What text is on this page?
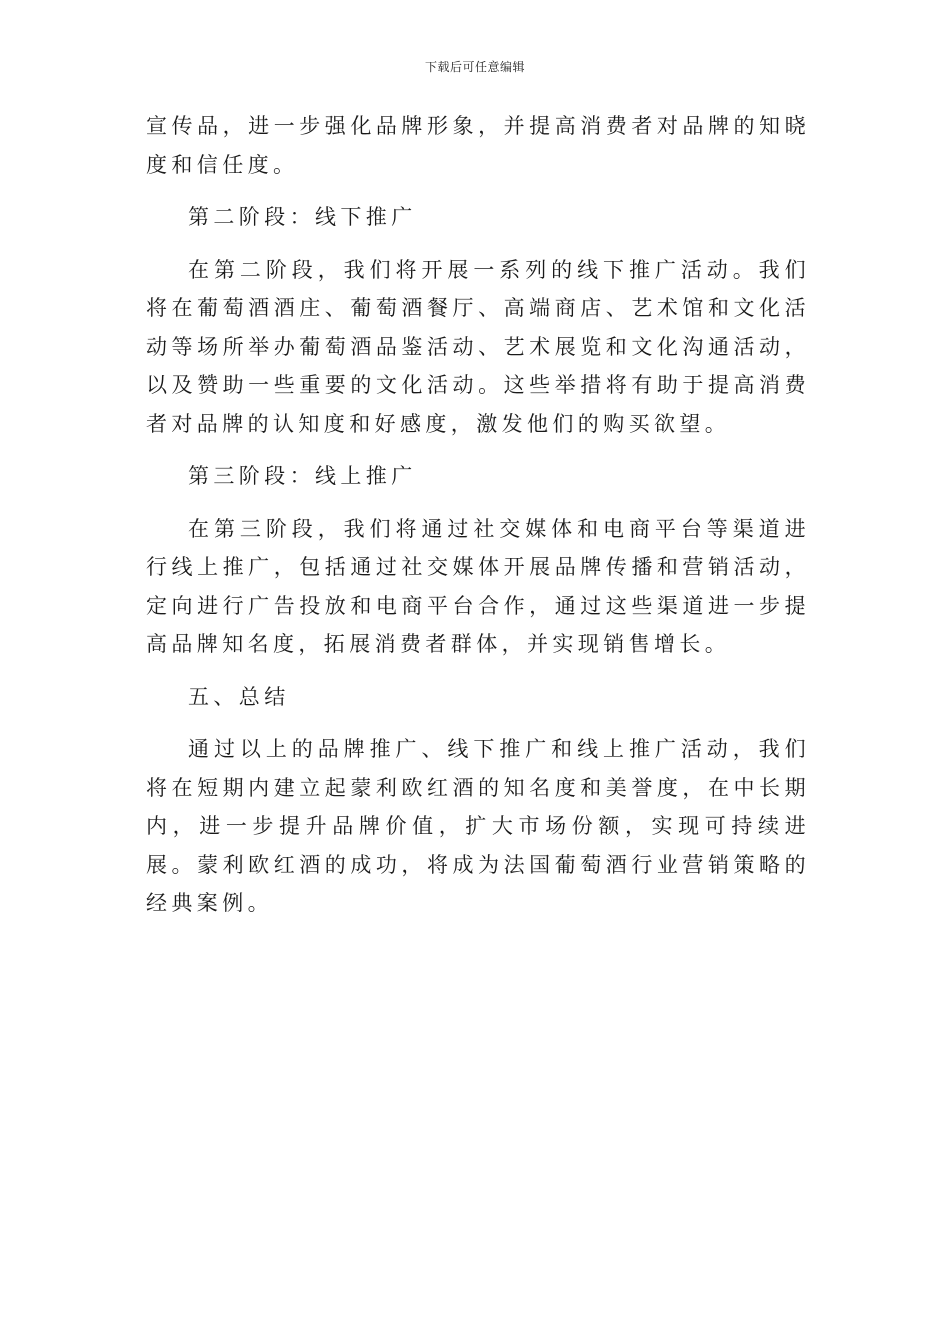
下载后可任意编辑

宣传品，进一步强化品牌形象，并提高消费者对品牌的知晓度和信任度。

第二阶段：线下推广

在第二阶段，我们将开展一系列的线下推广活动。我们将在葡萄酒酒庄、葡萄酒餐厅、高端商店、艺术馆和文化活动等场所举办葡萄酒品鉴活动、艺术展览和文化沟通活动，以及赞助一些重要的文化活动。这些举措将有助于提高消费者对品牌的认知度和好感度，激发他们的购买欲望。

第三阶段：线上推广

在第三阶段，我们将通过社交媒体和电商平台等渠道进行线上推广，包括通过社交媒体开展品牌传播和营销活动，定向进行广告投放和电商平台合作，通过这些渠道进一步提高品牌知名度，拓展消费者群体，并实现销售增长。

五、总结

通过以上的品牌推广、线下推广和线上推广活动，我们将在短期内建立起蒙利欧红酒的知名度和美誉度，在中长期内，进一步提升品牌价值，扩大市场份额，实现可持续进展。蒙利欧红酒的成功，将成为法国葡萄酒行业营销策略的经典案例。
